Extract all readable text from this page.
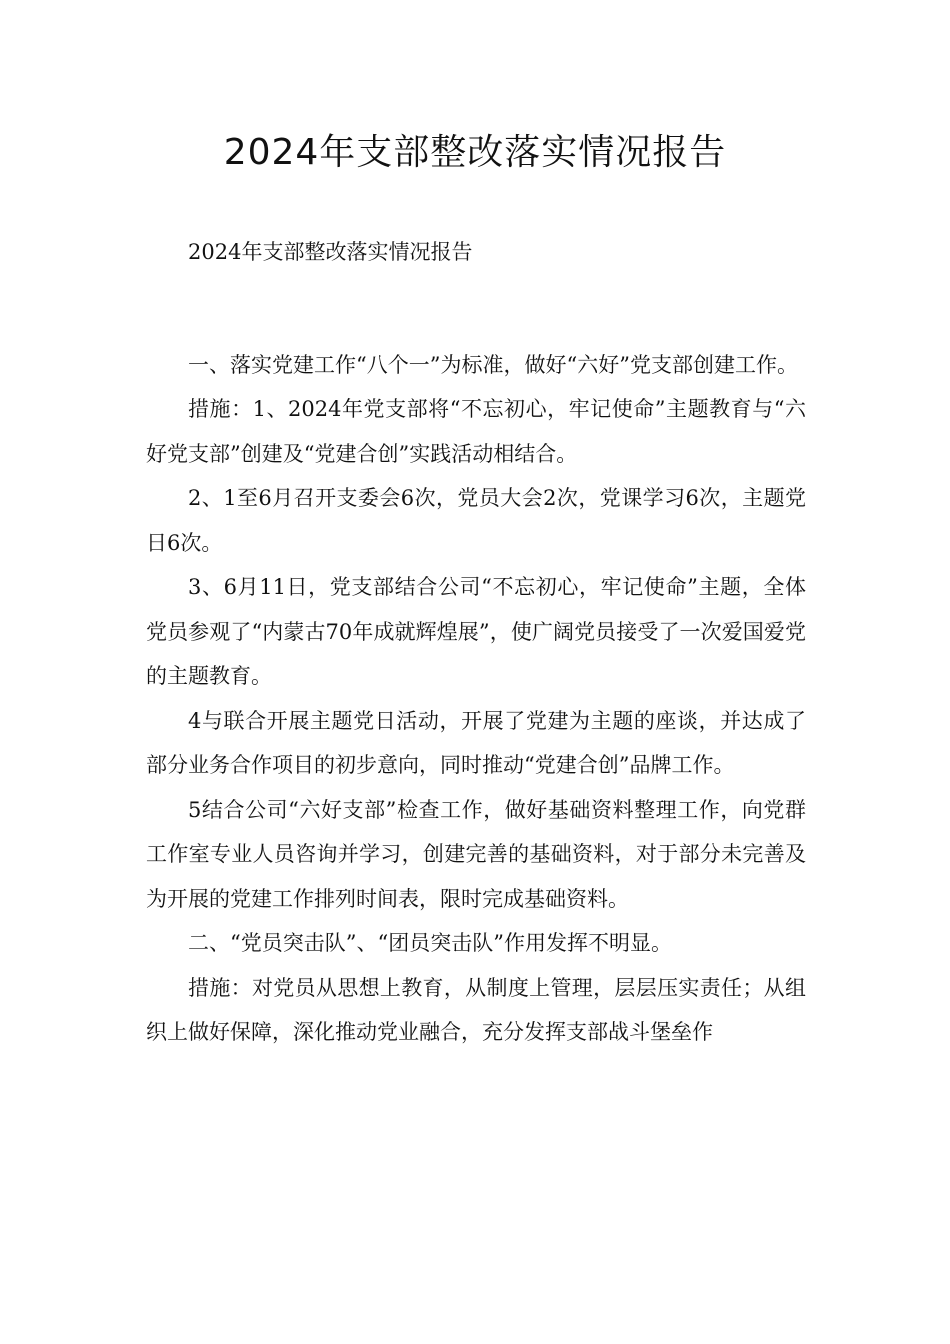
2024年支部整改落实情况报告

2024年支部整改落实情况报告

一、落实党建工作“八个一”为标准，做好“六好”党支部创建工作。

措施：1、2024年党支部将“不忘初心，牢记使命”主题教育与“六好党支部”创建及“党建合创”实践活动相结合。

2、1至6月召开支委会6次，党员大会2次，党课学习6次，主题党日6次。

3、6月11日，党支部结合公司“不忘初心，牢记使命”主题，全体党员参观了“内蒙古70年成就辉煌展”，使广阔党员接受了一次爱国爱党的主题教育。

4与联合开展主题党日活动，开展了党建为主题的座谈，并达成了部分业务合作项目的初步意向，同时推动“党建合创”品牌工作。

5结合公司“六好支部”检查工作，做好基础资料整理工作，向党群工作室专业人员咨询并学习，创建完善的基础资料，对于部分未完善及为开展的党建工作排列时间表，限时完成基础资料。

二、“党员突击队”、“团员突击队”作用发挥不明显。

措施：对党员从思想上教育，从制度上管理，层层压实责任；从组织上做好保障，深化推动党业融合，充分发挥支部战斗堡垒作
